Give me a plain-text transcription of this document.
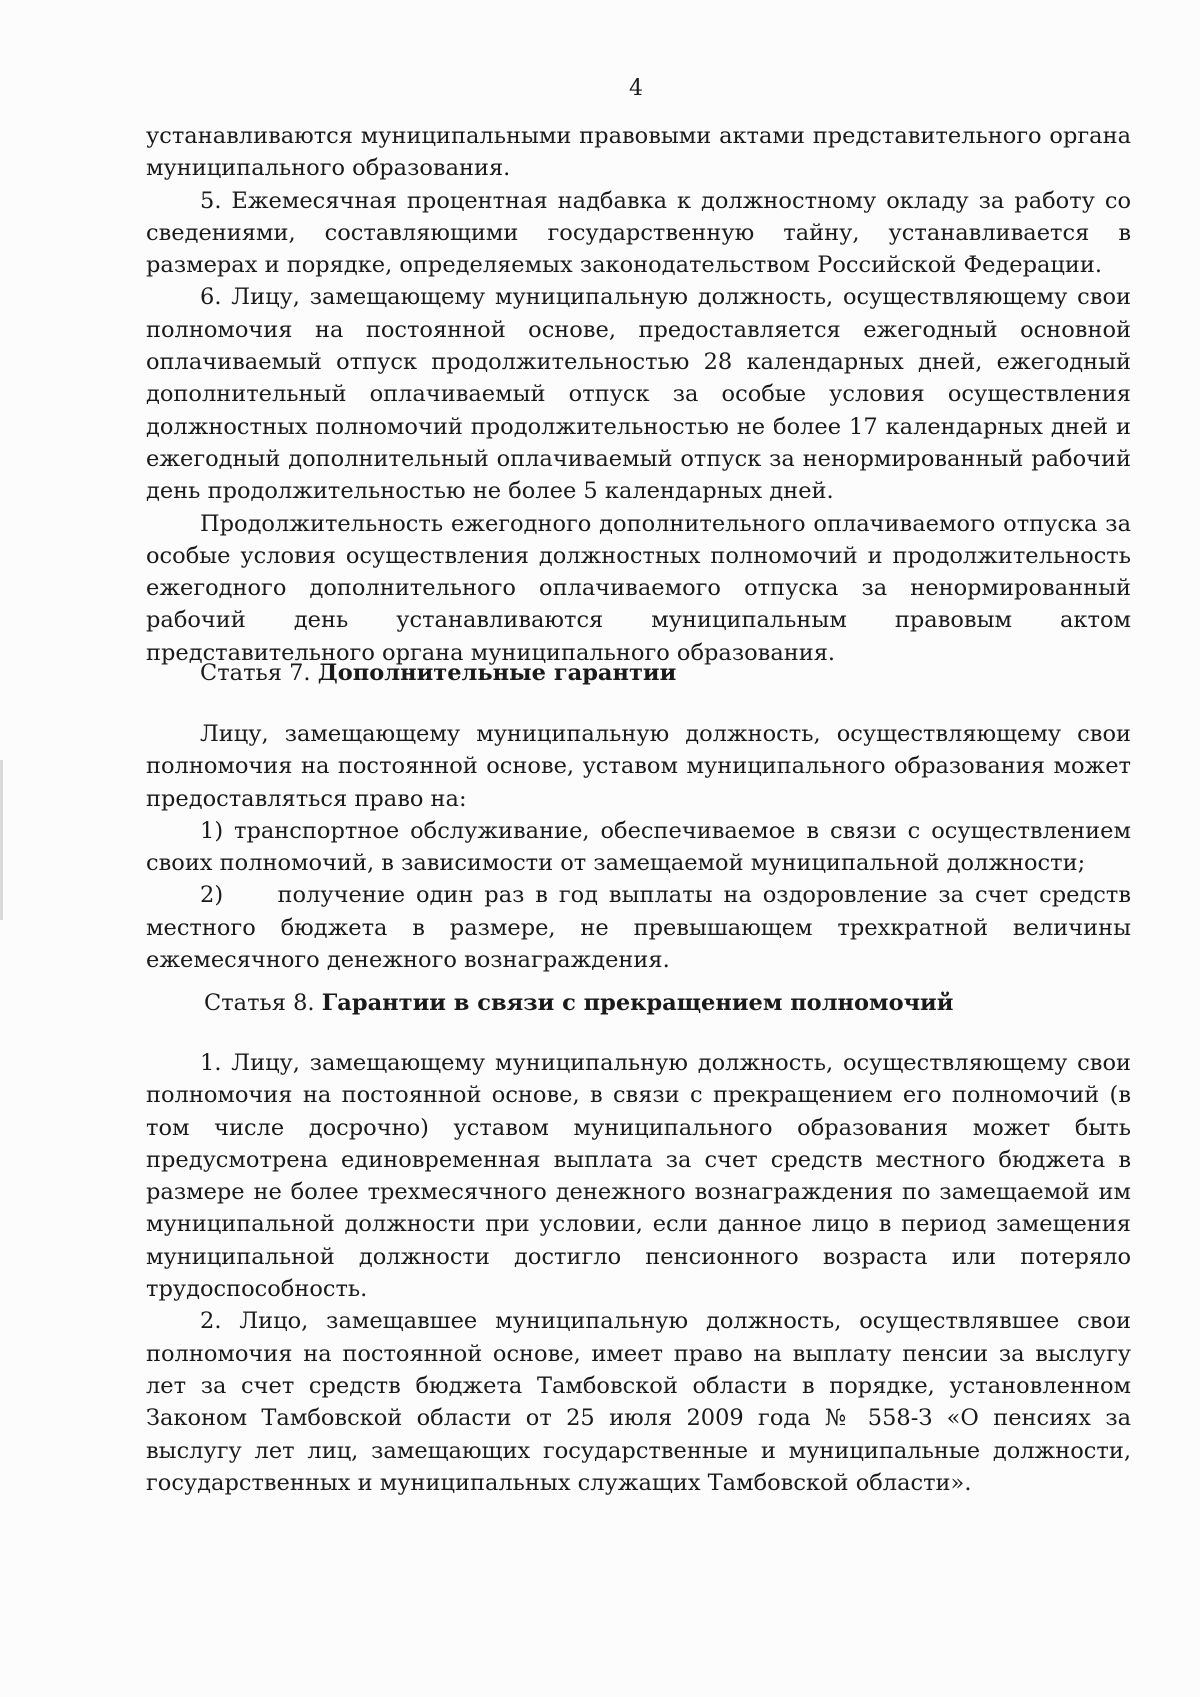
4

устанавливаются муниципальными правовыми актами представительного органа муниципального образования.

5. Ежемесячная процентная надбавка к должностному окладу за работу со сведениями, составляющими государственную тайну, устанавливается в размерах и порядке, определяемых законодательством Российской Федерации.

6. Лицу, замещающему муниципальную должность, осуществляющему свои полномочия на постоянной основе, предоставляется ежегодный основной оплачиваемый отпуск продолжительностью 28 календарных дней, ежегодный дополнительный оплачиваемый отпуск за особые условия осуществления должностных полномочий продолжительностью не более 17 календарных дней и ежегодный дополнительный оплачиваемый отпуск за ненормированный рабочий день продолжительностью не более 5 календарных дней.

Продолжительность ежегодного дополнительного оплачиваемого отпуска за особые условия осуществления должностных полномочий и продолжительность ежегодного дополнительного оплачиваемого отпуска за ненормированный рабочий день устанавливаются муниципальным правовым актом представительного органа муниципального образования.

Статья 7. Дополнительные гарантии

Лицу, замещающему муниципальную должность, осуществляющему свои полномочия на постоянной основе, уставом муниципального образования может предоставляться право на:

1) транспортное обслуживание, обеспечиваемое в связи с осуществлением своих полномочий, в зависимости от замещаемой муниципальной должности;

2)     получение один раз в год выплаты на оздоровление за счет средств местного бюджета в размере, не превышающем трехкратной величины ежемесячного денежного вознаграждения.

Статья 8. Гарантии в связи с прекращением полномочий

1. Лицу, замещающему муниципальную должность, осуществляющему свои полномочия на постоянной основе, в связи с прекращением его полномочий (в том числе досрочно) уставом муниципального образования может быть предусмотрена единовременная выплата за счет средств местного бюджета в размере не более трехмесячного денежного вознаграждения по замещаемой им муниципальной должности при условии, если данное лицо в период замещения муниципальной должности достигло пенсионного возраста или потеряло трудоспособность.

2. Лицо, замещавшее муниципальную должность, осуществлявшее свои полномочия на постоянной основе, имеет право на выплату пенсии за выслугу лет за счет средств бюджета Тамбовской области в порядке, установленном Законом Тамбовской области от 25 июля 2009 года № 558-З «О пенсиях за выслугу лет лиц, замещающих государственные и муниципальные должности, государственных и муниципальных служащих Тамбовской области».
